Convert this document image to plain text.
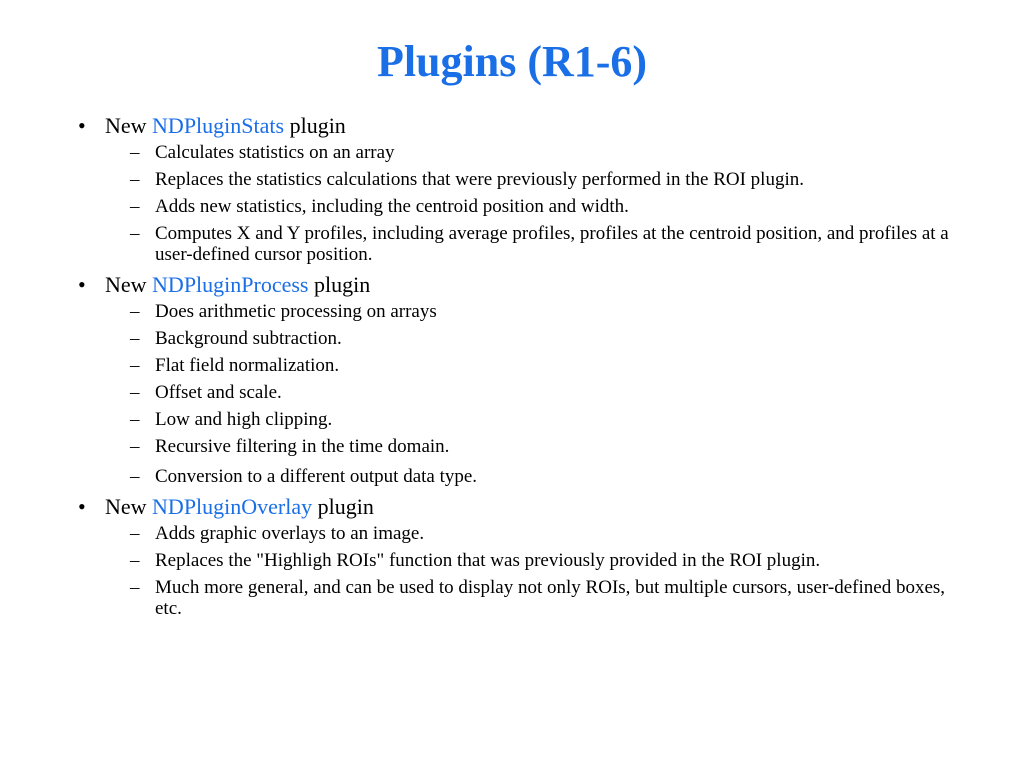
Plugins (R1-6)
• New NDPluginStats plugin
– Calculates statistics on an array
– Replaces the statistics calculations that were previously performed in the ROI plugin.
– Adds new statistics, including the centroid position and width.
– Computes X and Y profiles, including average profiles, profiles at the centroid position, and profiles at a user-defined cursor position.
• New NDPluginProcess plugin
– Does arithmetic processing on arrays
– Background subtraction.
– Flat field normalization.
– Offset and scale.
– Low and high clipping.
– Recursive filtering in the time domain.
– Conversion to a different output data type.
• New NDPluginOverlay plugin
– Adds graphic overlays to an image.
– Replaces the "Highligh ROIs" function that was previously provided in the ROI plugin.
– Much more general, and can be used to display not only ROIs, but multiple cursors, user-defined boxes, etc.
